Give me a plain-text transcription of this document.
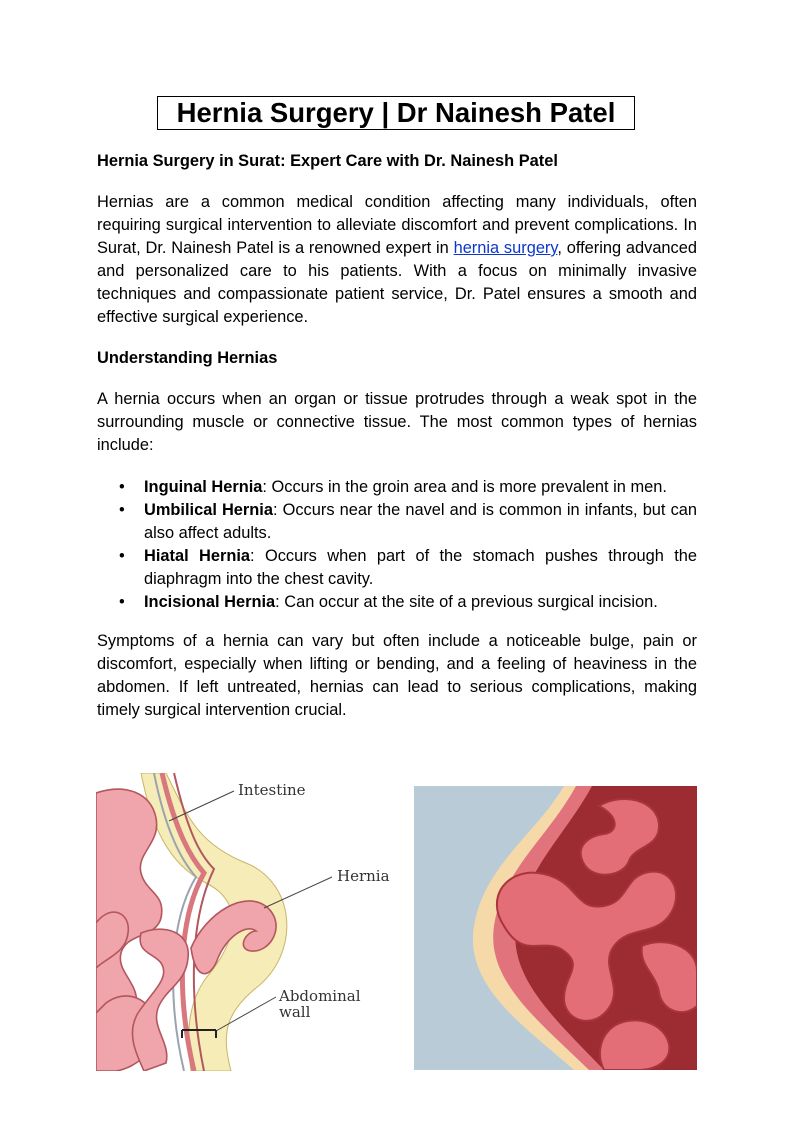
Hernia Surgery | Dr Nainesh Patel
Hernia Surgery in Surat: Expert Care with Dr. Nainesh Patel

Hernias are a common medical condition affecting many individuals, often requiring surgical intervention to alleviate discomfort and prevent complications. In Surat, Dr. Nainesh Patel is a renowned expert in hernia surgery, offering advanced and personalized care to his patients. With a focus on minimally invasive techniques and compassionate patient service, Dr. Patel ensures a smooth and effective surgical experience.

Understanding Hernias

A hernia occurs when an organ or tissue protrudes through a weak spot in the surrounding muscle or connective tissue. The most common types of hernias include:

• Inguinal Hernia: Occurs in the groin area and is more prevalent in men.
• Umbilical Hernia: Occurs near the navel and is common in infants, but can also affect adults.
• Hiatal Hernia: Occurs when part of the stomach pushes through the diaphragm into the chest cavity.
• Incisional Hernia: Can occur at the site of a previous surgical incision.

Symptoms of a hernia can vary but often include a noticeable bulge, pain or discomfort, especially when lifting or bending, and a feeling of heaviness in the abdomen. If left untreated, hernias can lead to serious complications, making timely surgical intervention crucial.

Intestine
Hernia
Abdominal
wall
